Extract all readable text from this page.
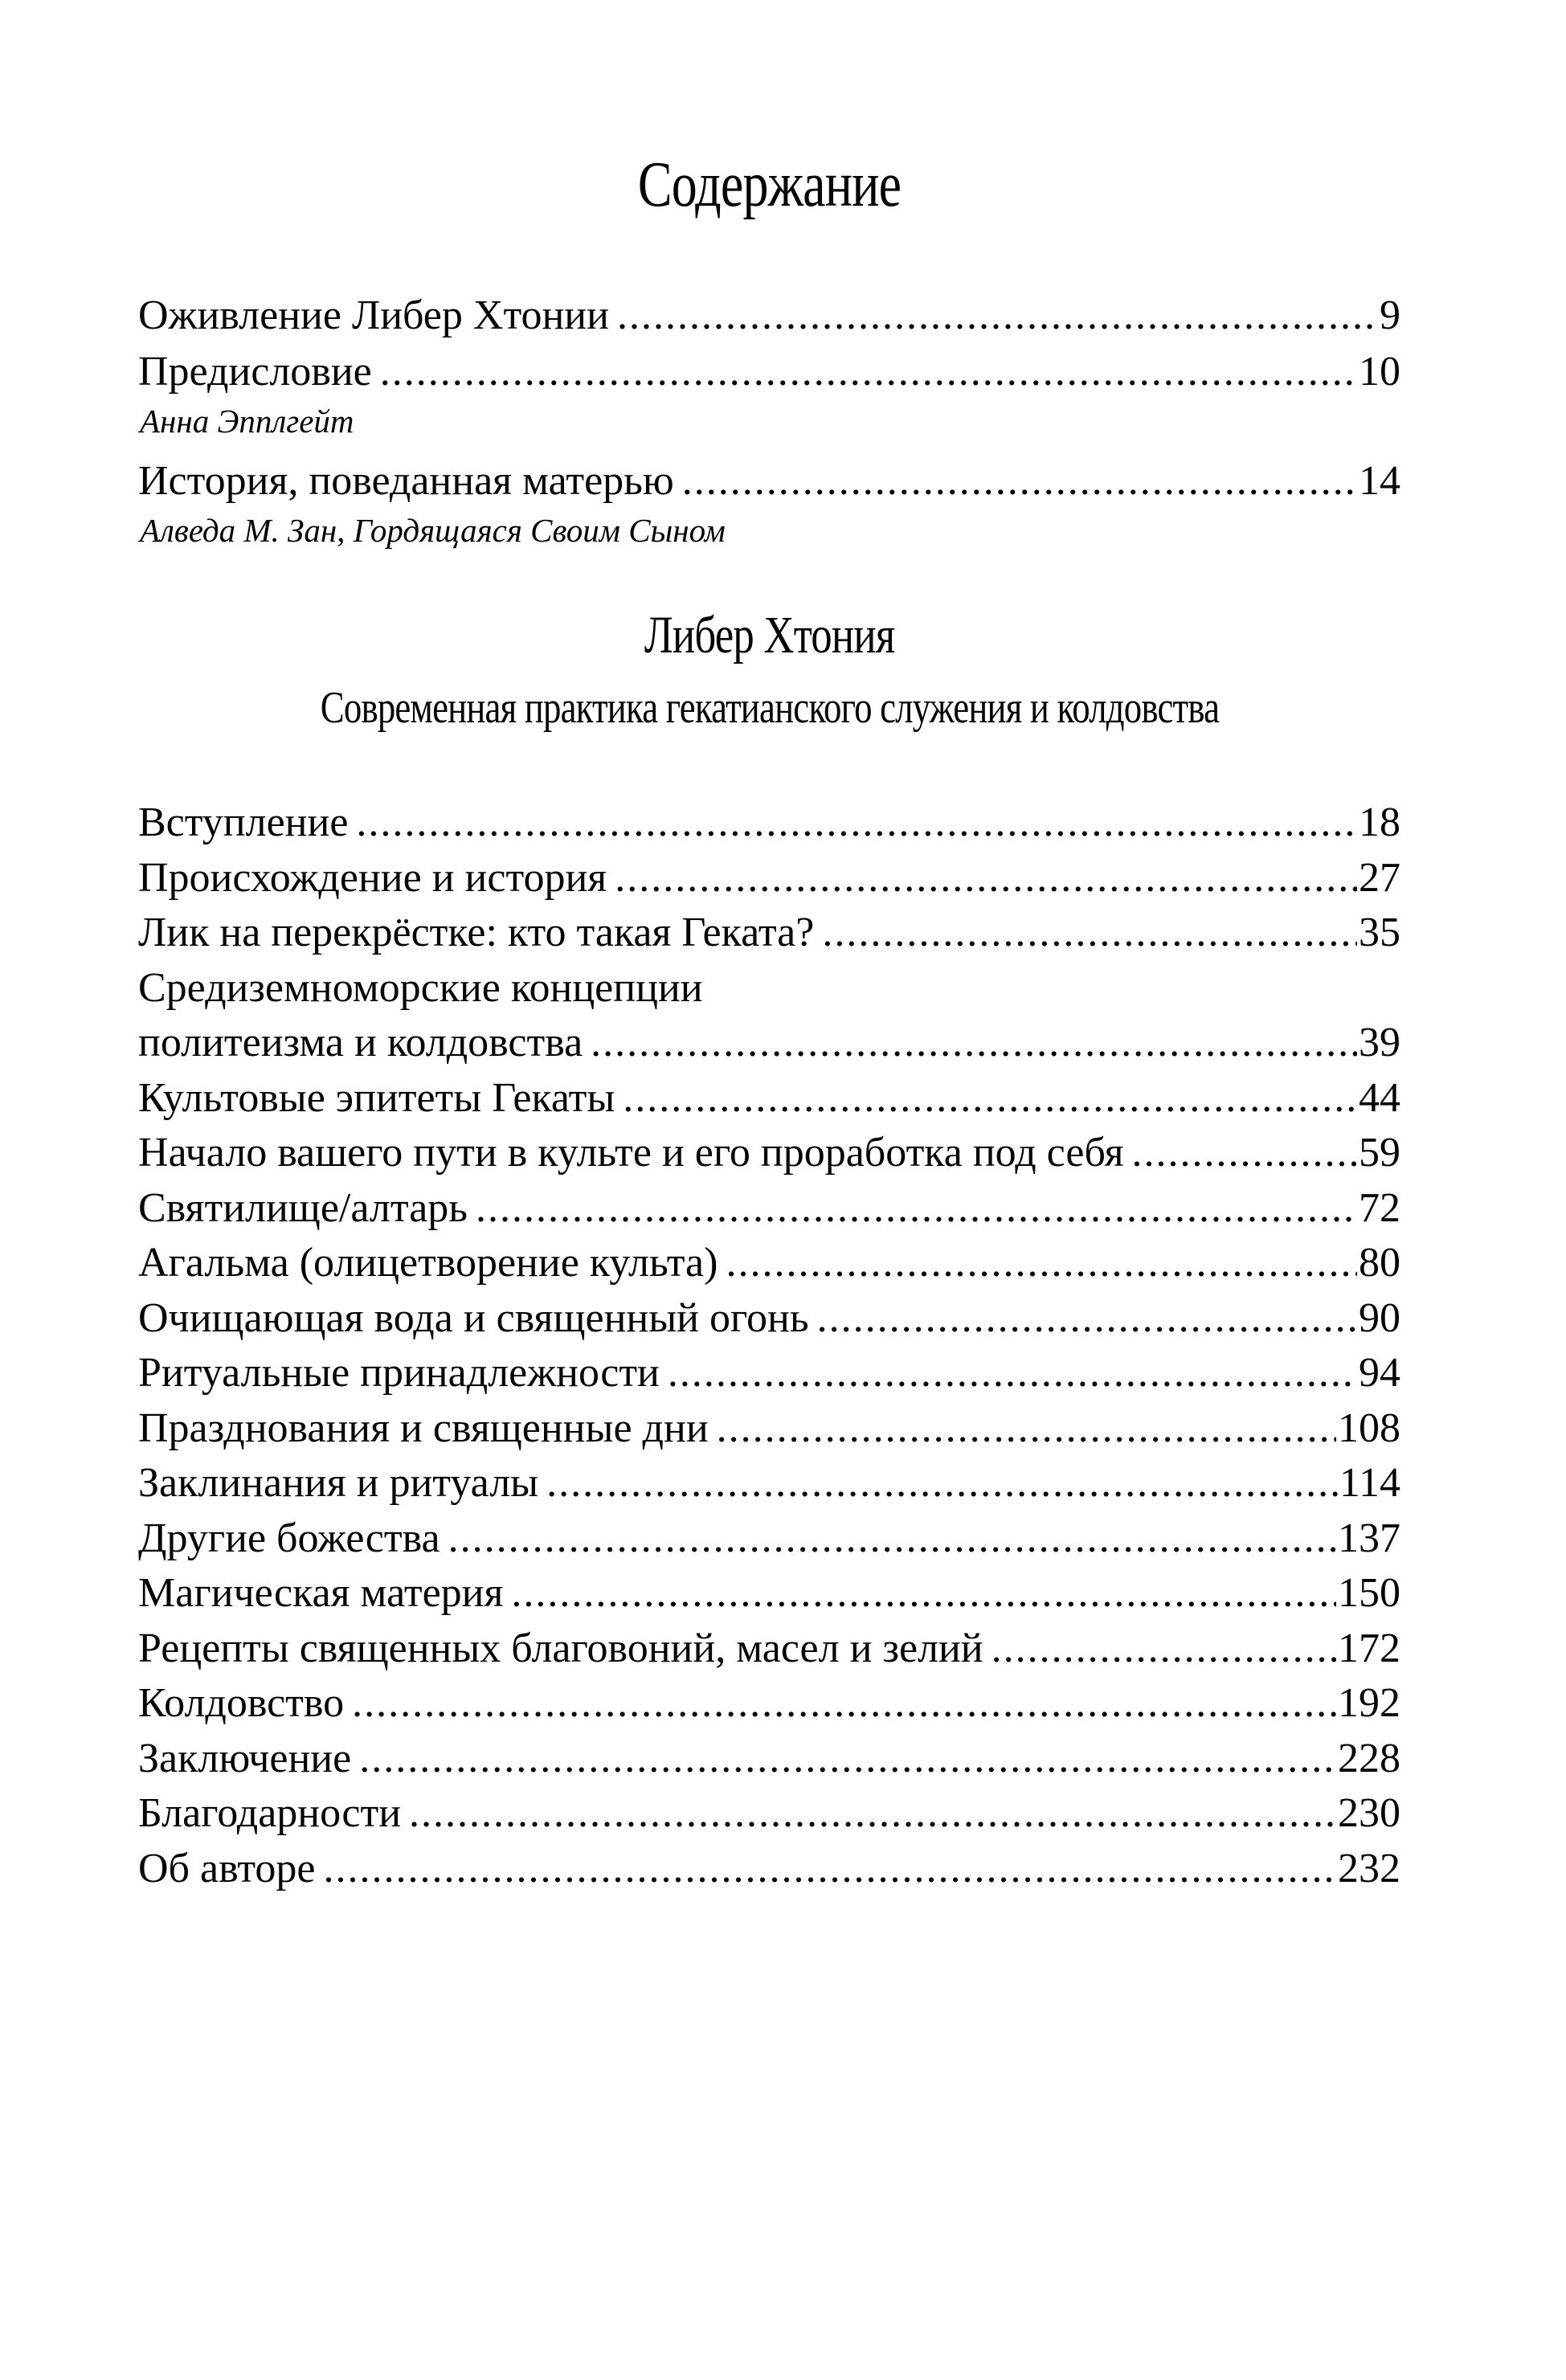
Содержание
Оживление Либер Хтонии .....	9
Предисловие .....	10
Анна Эпплгейт
История, поведанная матерью .....	14
Алведа М. Зан, Гордящаяся Своим Сыном
Либер Хтония
Современная практика гекатианского служения и колдовства
Вступление .....	18
Происхождение и история .....	27
Лик на перекрёстке: кто такая Геката? .....	35
Средиземноморские концепции
политеизма и колдовства .....	39
Культовые эпитеты Гекаты .....	44
Начало вашего пути в культе и его проработка под себя .....	59
Святилище/алтарь .....	72
Агальма (олицетворение культа) .....	80
Очищающая вода и священный огонь .....	90
Ритуальные принадлежности .....	94
Празднования и священные дни .....	108
Заклинания и ритуалы .....	114
Другие божества .....	137
Магическая материя .....	150
Рецепты священных благовоний, масел и зелий .....	172
Колдовство .....	192
Заключение .....	228
Благодарности .....	230
Об авторе .....	232
